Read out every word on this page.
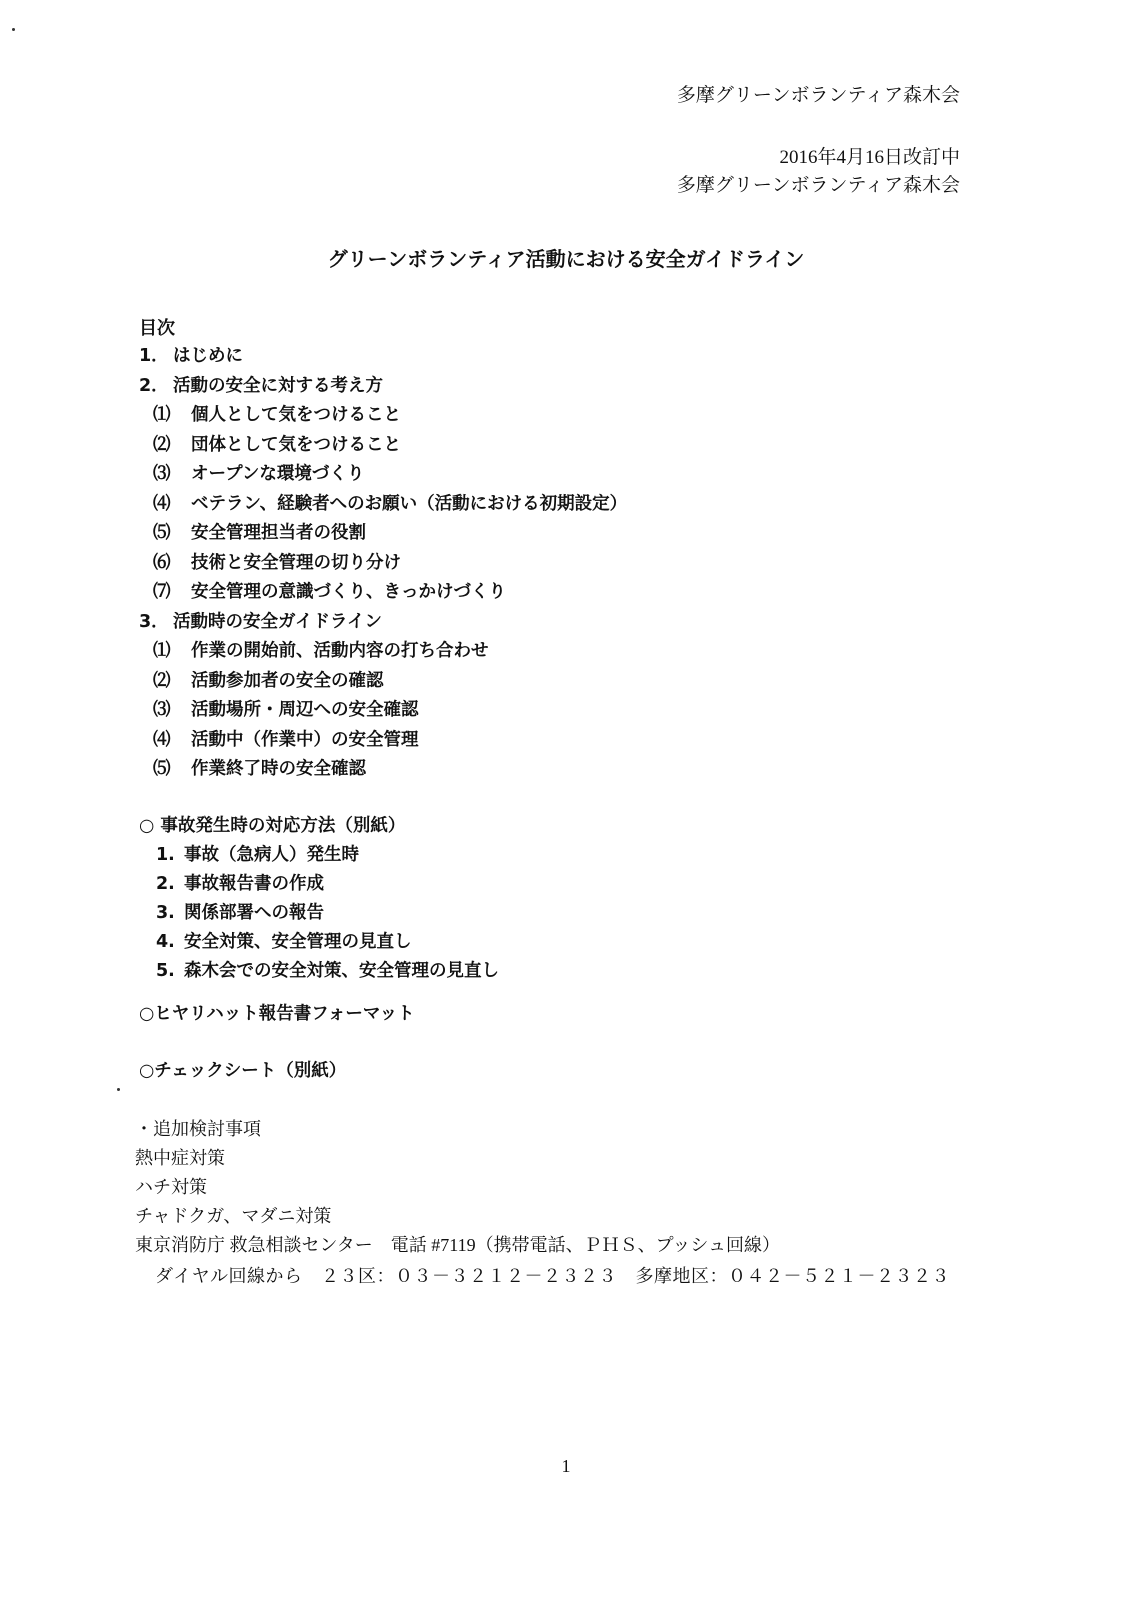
多摩グリーンボランティア森木会
2016年4月16日改訂中
多摩グリーンボランティア森木会
グリーンボランティア活動における安全ガイドライン
目次
1． はじめに
2． 活動の安全に対する考え方
⑴ 個人として気をつけること
⑵ 団体として気をつけること
⑶ オープンな環境づくり
⑷ ベテラン、経験者へのお願い（活動における初期設定）
⑸ 安全管理担当者の役割
⑹ 技術と安全管理の切り分け
⑺ 安全管理の意識づくり、きっかけづくり
3． 活動時の安全ガイドライン
⑴ 作業の開始前、活動内容の打ち合わせ
⑵ 活動参加者の安全の確認
⑶ 活動場所・周辺への安全確認
⑷ 活動中（作業中）の安全管理
⑸ 作業終了時の安全確認
○ 事故発生時の対応方法（別紙）
1. 事故（急病人）発生時
2. 事故報告書の作成
3. 関係部署への報告
4. 安全対策、安全管理の見直し
5. 森木会での安全対策、安全管理の見直し
○ヒヤリハット報告書フォーマット
○チェックシート（別紙）
・追加検討事項
熱中症対策
ハチ対策
チャドクガ、マダニ対策
東京消防庁 救急相談センター　電話 #7119（携帯電話、ＰＨＳ、プッシュ回線）
ダイヤル回線から　２３区：０３－３２１２－２３２３　多摩地区：０４２－５２１－２３２３
1
